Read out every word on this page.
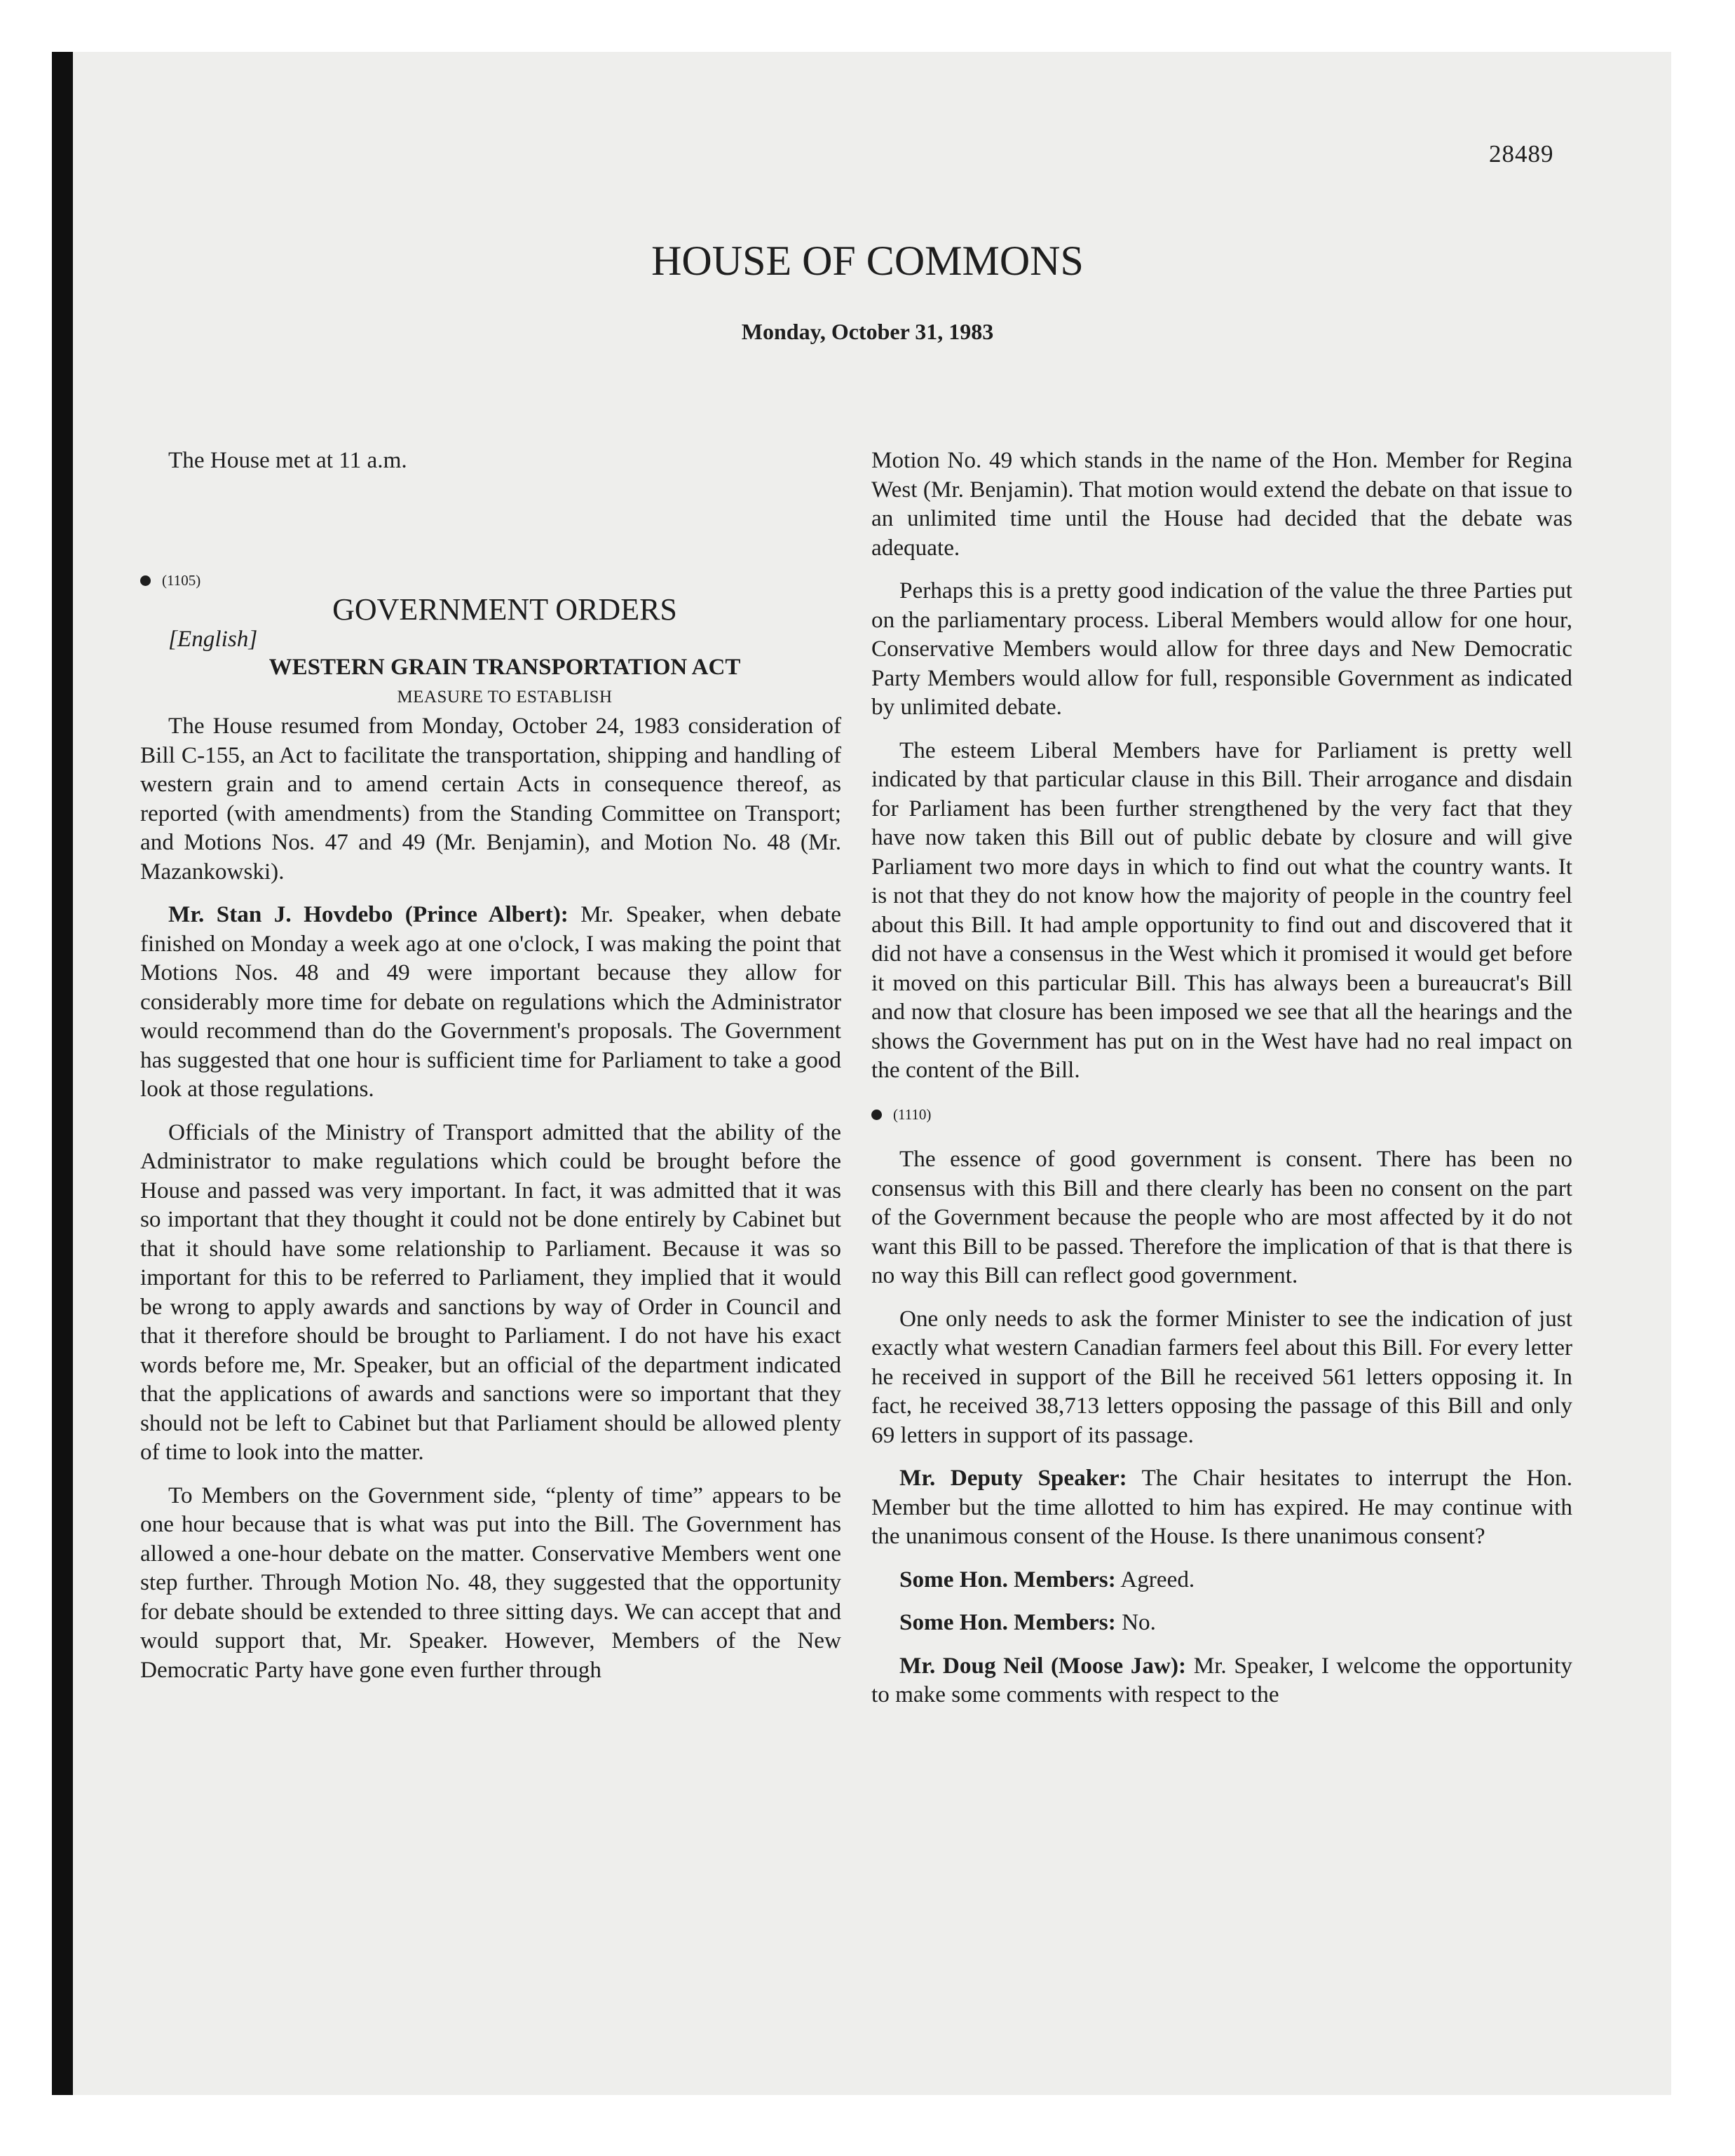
28489
HOUSE OF COMMONS
Monday, October 31, 1983

The House met at 11 a.m.

(1105)

GOVERNMENT ORDERS

[English]

WESTERN GRAIN TRANSPORTATION ACT

MEASURE TO ESTABLISH

The House resumed from Monday, October 24, 1983 consideration of Bill C-155, an Act to facilitate the transportation, shipping and handling of western grain and to amend certain Acts in consequence thereof, as reported (with amendments) from the Standing Committee on Transport; and Motions Nos. 47 and 49 (Mr. Benjamin), and Motion No. 48 (Mr. Mazankowski).

Mr. Stan J. Hovdebo (Prince Albert): Mr. Speaker, when debate finished on Monday a week ago at one o'clock, I was making the point that Motions Nos. 48 and 49 were important because they allow for considerably more time for debate on regulations which the Administrator would recommend than do the Government's proposals. The Government has suggested that one hour is sufficient time for Parliament to take a good look at those regulations.

Officials of the Ministry of Transport admitted that the ability of the Administrator to make regulations which could be brought before the House and passed was very important. In fact, it was admitted that it was so important that they thought it could not be done entirely by Cabinet but that it should have some relationship to Parliament. Because it was so important for this to be referred to Parliament, they implied that it would be wrong to apply awards and sanctions by way of Order in Council and that it therefore should be brought to Parliament. I do not have his exact words before me, Mr. Speaker, but an official of the department indicated that the applications of awards and sanctions were so important that they should not be left to Cabinet but that Parliament should be allowed plenty of time to look into the matter.

To Members on the Government side, “plenty of time” appears to be one hour because that is what was put into the Bill. The Government has allowed a one-hour debate on the matter. Conservative Members went one step further. Through Motion No. 48, they suggested that the opportunity for debate should be extended to three sitting days. We can accept that and would support that, Mr. Speaker. However, Members of the New Democratic Party have gone even further through

Motion No. 49 which stands in the name of the Hon. Member for Regina West (Mr. Benjamin). That motion would extend the debate on that issue to an unlimited time until the House had decided that the debate was adequate.

Perhaps this is a pretty good indication of the value the three Parties put on the parliamentary process. Liberal Members would allow for one hour, Conservative Members would allow for three days and New Democratic Party Members would allow for full, responsible Government as indicated by unlimited debate.

The esteem Liberal Members have for Parliament is pretty well indicated by that particular clause in this Bill. Their arrogance and disdain for Parliament has been further strengthened by the very fact that they have now taken this Bill out of public debate by closure and will give Parliament two more days in which to find out what the country wants. It is not that they do not know how the majority of people in the country feel about this Bill. It had ample opportunity to find out and discovered that it did not have a consensus in the West which it promised it would get before it moved on this particular Bill. This has always been a bureaucrat's Bill and now that closure has been imposed we see that all the hearings and the shows the Government has put on in the West have had no real impact on the content of the Bill.

(1110)

The essence of good government is consent. There has been no consensus with this Bill and there clearly has been no consent on the part of the Government because the people who are most affected by it do not want this Bill to be passed. Therefore the implication of that is that there is no way this Bill can reflect good government.

One only needs to ask the former Minister to see the indication of just exactly what western Canadian farmers feel about this Bill. For every letter he received in support of the Bill he received 561 letters opposing it. In fact, he received 38,713 letters opposing the passage of this Bill and only 69 letters in support of its passage.

Mr. Deputy Speaker: The Chair hesitates to interrupt the Hon. Member but the time allotted to him has expired. He may continue with the unanimous consent of the House. Is there unanimous consent?

Some Hon. Members: Agreed.

Some Hon. Members: No.

Mr. Doug Neil (Moose Jaw): Mr. Speaker, I welcome the opportunity to make some comments with respect to the
